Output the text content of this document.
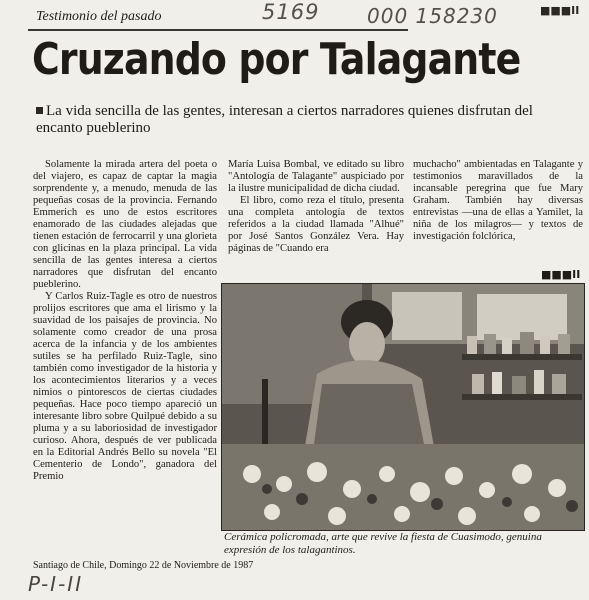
Testimonio del pasado	5169 000 158230	■■■II
Cruzando por Talagante
La vida sencilla de las gentes, interesan a ciertos narradores quienes disfrutan del encanto pueblerino

Solamente la mirada artera del poeta o del viajero, es capaz de captar la magia sorprendente y, a menudo, menuda de las pequeñas cosas de la provincia. Fernando Emmerich es uno de estos escritores enamorado de las ciudades alejadas que tienen estación de ferrocarril y una glorieta con glicinas en la plaza principal. La vida sencilla de las gentes interesa a ciertos narradores que disfrutan del encanto pueblerino.

Y Carlos Ruiz-Tagle es otro de nuestros prolijos escritores que ama el lirismo y la suavidad de los paisajes de provincia. No solamente como creador de una prosa acerca de la infancia y de los ambientes sutiles se ha perfilado Ruiz-Tagle, sino también como investigador de la historia y los acontecimientos literarios y a veces nimios o pintorescos de ciertas ciudades pequeñas. Hace poco tiempo apareció un interesante libro sobre Quilpué debido a su pluma y a su laboriosidad de investigador curioso. Ahora, después de ver publicada en la Editorial Andrés Bello su novela "El Cementerio de Londo", ganadora del Premio

María Luisa Bombal, ve editado su libro "Antología de Talagante" auspiciado por la ilustre municipalidad de dicha ciudad.

El libro, como reza el título, presenta una completa antología de textos referidos a la ciudad llamada "Alhué" por José Santos González Vera. Hay páginas de "Cuando era

muchacho" ambientadas en Talagante y testimonios maravillados de la incansable peregrina que fue Mary Graham. También hay diversas entrevistas —una de ellas a Yamilet, la niña de los milagros— y textos de investigación folclórica,

■■■II
Cerámica policromada, arte que revive la fiesta de Cuasimodo, genuina expresión de los talagantinos.
Santiago de Chile, Domingo 22 de Noviembre de 1987
P-I-II
